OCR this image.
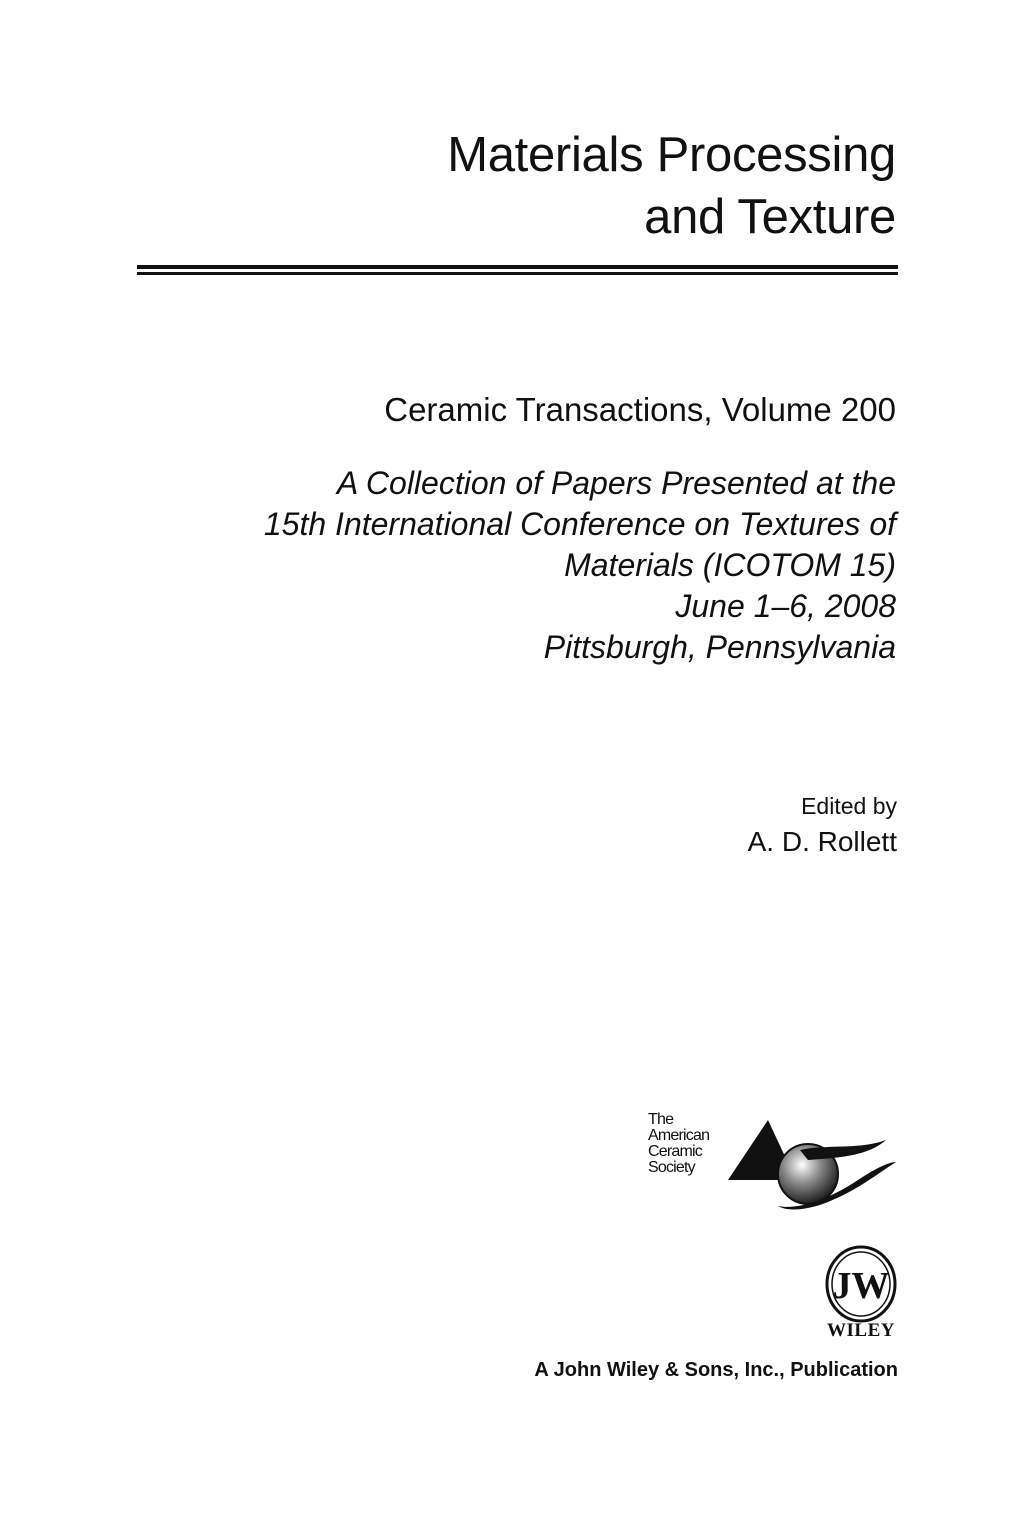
Materials Processing
and Texture
Ceramic Transactions, Volume 200
A Collection of Papers Presented at the
15th International Conference on Textures of
Materials (ICOTOM 15)
June 1–6, 2008
Pittsburgh, Pennsylvania
Edited by
A. D. Rollett
The
American
Ceramic
Society
JW
WILEY
A John Wiley & Sons, Inc., Publication
